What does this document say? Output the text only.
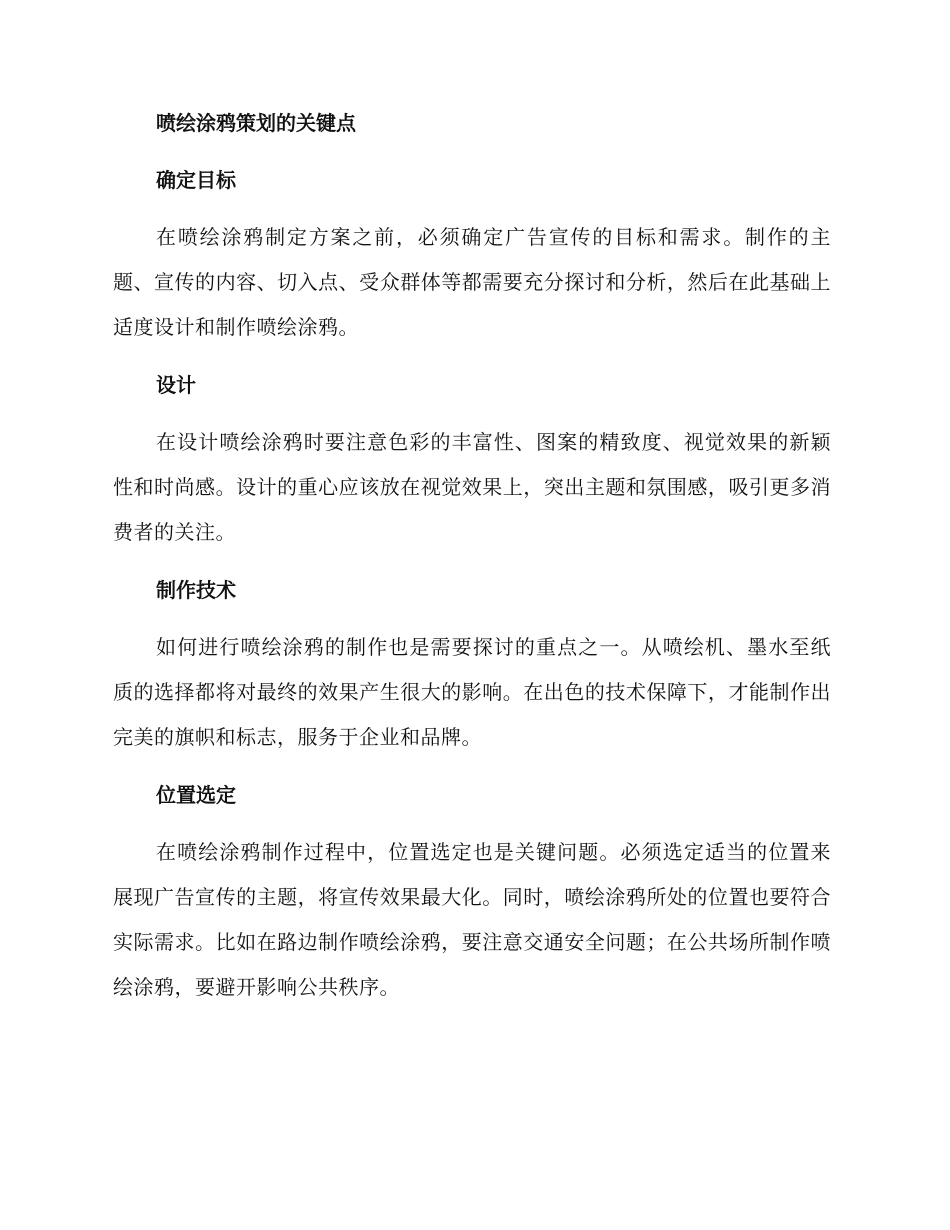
喷绘涂鸦策划的关键点
确定目标

在喷绘涂鸦制定方案之前，必须确定广告宣传的目标和需求。制作的主题、宣传的内容、切入点、受众群体等都需要充分探讨和分析，然后在此基础上适度设计和制作喷绘涂鸦。

设计

在设计喷绘涂鸦时要注意色彩的丰富性、图案的精致度、视觉效果的新颖性和时尚感。设计的重心应该放在视觉效果上，突出主题和氛围感，吸引更多消费者的关注。

制作技术

如何进行喷绘涂鸦的制作也是需要探讨的重点之一。从喷绘机、墨水至纸质的选择都将对最终的效果产生很大的影响。在出色的技术保障下，才能制作出完美的旗帜和标志，服务于企业和品牌。

位置选定

在喷绘涂鸦制作过程中，位置选定也是关键问题。必须选定适当的位置来展现广告宣传的主题，将宣传效果最大化。同时，喷绘涂鸦所处的位置也要符合实际需求。比如在路边制作喷绘涂鸦，要注意交通安全问题；在公共场所制作喷绘涂鸦，要避开影响公共秩序。
